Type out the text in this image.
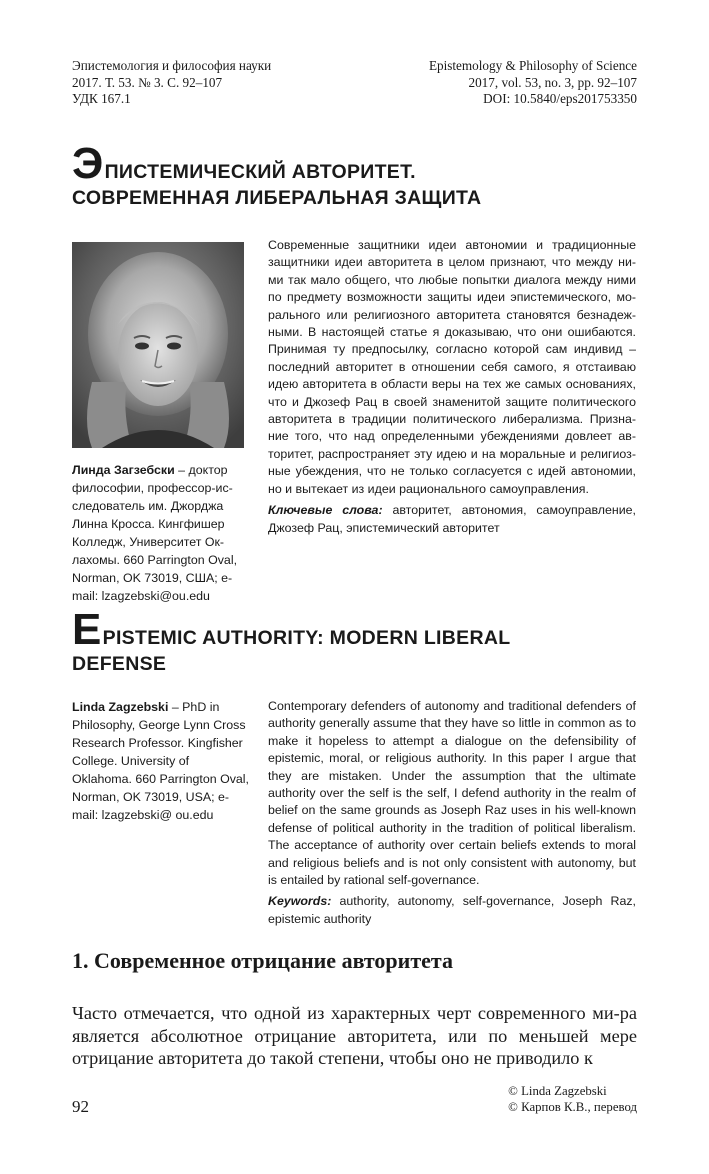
Эпистемология и философия науки
2017. Т. 53. № 3. С. 92–107
УДК 167.1
Epistemology & Philosophy of Science
2017, vol. 53, no. 3, pp. 92–107
DOI: 10.5840/eps201753350
ЭПИСТЕМИЧЕСКИЙ АВТОРИТЕТ.
СОВРЕМЕННАЯ ЛИБЕРАЛЬНАЯ ЗАЩИТА
Линда Загзебски – доктор философии, профессор-ис-следователь им. Джорджа Линна Кросса. Кингфишер Колледж, Университет Ок-лахомы. 660 Parrington Oval, Norman, OK 73019, США; e-mail: lzagzebski@ou.edu

Современные защитники идеи автономии и традиционные защитники идеи авторитета в целом признают, что между ни-ми так мало общего, что любые попытки диалога между ними по предмету возможности защиты идеи эпистемического, мо-рального или религиозного авторитета становятся безнадеж-ными. В настоящей статье я доказываю, что они ошибаются. Принимая ту предпосылку, согласно которой сам индивид – последний авторитет в отношении себя самого, я отстаиваю идею авторитета в области веры на тех же самых основаниях, что и Джозеф Рац в своей знаменитой защите политического авторитета в традиции политического либерализма. Призна-ние того, что над определенными убеждениями довлеет ав-торитет, распространяет эту идею и на моральные и религиоз-ные убеждения, что не только согласуется с идей автономии, но и вытекает из идеи рационального самоуправления.

Ключевые слова: авторитет, автономия, самоуправление, Джозеф Рац, эпистемический авторитет

EPISTEMIC AUTHORITY: MODERN LIBERAL
DEFENSE
Linda Zagzebski – PhD in Philosophy, George Lynn Cross Research Professor. Kingfisher College. University of Oklahoma. 660 Parrington Oval, Norman, OK 73019, USA; e-mail: lzagzebski@ ou.edu

Contemporary defenders of autonomy and traditional defenders of authority generally assume that they have so little in common as to make it hopeless to attempt a dialogue on the defensibility of epistemic, moral, or religious authority. In this paper I argue that they are mistaken. Under the assumption that the ultimate authority over the self is the self, I defend authority in the realm of belief on the same grounds as Joseph Raz uses in his well-known defense of political authority in the tradition of political liberalism. The acceptance of authority over certain beliefs extends to moral and religious beliefs and is not only consistent with autonomy, but is entailed by rational self-governance.

Keywords: authority, autonomy, self-governance, Joseph Raz, epistemic authority

1. Современное отрицание авторитета

Часто отмечается, что одной из характерных черт современного ми-ра является абсолютное отрицание авторитета, или по меньшей мере отрицание авторитета до такой степени, чтобы оно не приводило к

92
© Linda Zagzebski
© Карпов К.В., перевод
